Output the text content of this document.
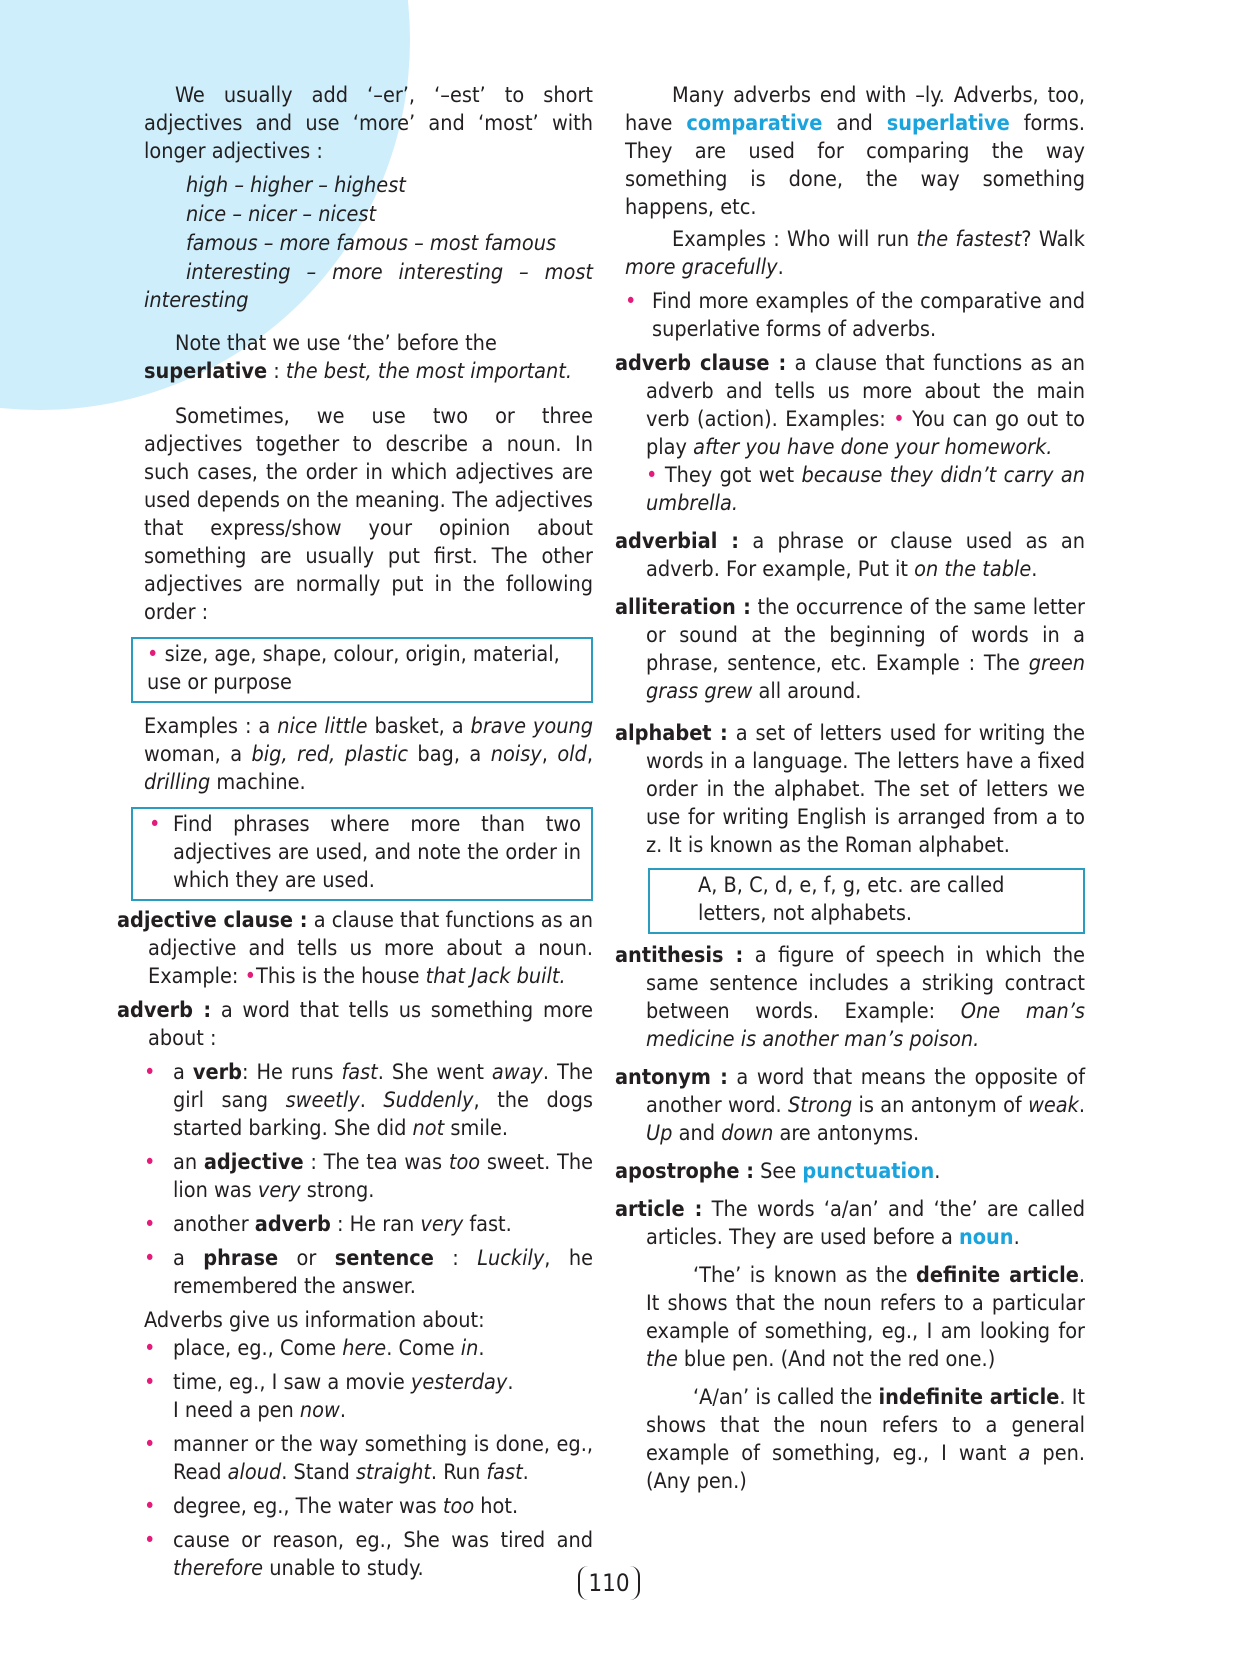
We usually add ‘–er’, ‘–est’ to short adjectives and use ‘more’ and ‘most’ with longer adjectives :

high – higher – highest

nice – nicer – nicest

famous – more famous – most famous

interesting – more interesting – most interesting

Note that we use ‘the’ before the
superlative : the best, the most important.

Sometimes, we use two or three adjectives together to describe a noun. In such cases, the order in which adjectives are used depends on the meaning. The adjectives that express/show your opinion about something are usually put first. The other adjectives are normally put in the following order :

• size, age, shape, colour, origin, material, use or purpose

Examples : a nice little basket, a brave young woman, a big, red, plastic bag, a noisy, old, drilling machine.

• Find phrases where more than two adjectives are used, and note the order in which they are used.

adjective clause : a clause that functions as an adjective and tells us more about a noun. Example: •This is the house that Jack built.

adverb : a word that tells us something more about :

• a verb: He runs fast. She went away. The girl sang sweetly. Suddenly, the dogs started barking. She did not smile.
• an adjective : The tea was too sweet. The lion was very strong.
• another adverb : He ran very fast.
• a phrase or sentence : Luckily, he remembered the answer.

Adverbs give us information about:

• place, eg., Come here. Come in.
• time, eg., I saw a movie yesterday.
I need a pen now.
• manner or the way something is done, eg., Read aloud. Stand straight. Run fast.
• degree, eg., The water was too hot.
• cause or reason, eg., She was tired and therefore unable to study.

Many adverbs end with –ly. Adverbs, too, have comparative and superlative forms. They are used for comparing the way something is done, the way something happens, etc.

Examples : Who will run the fastest? Walk more gracefully.

• Find more examples of the comparative and superlative forms of adverbs.

adverb clause : a clause that functions as an adverb and tells us more about the main verb (action). Examples: • You can go out to play after you have done your homework.
• They got wet because they didn’t carry an umbrella.

adverbial : a phrase or clause used as an adverb. For example, Put it on the table.

alliteration : the occurrence of the same letter or sound at the beginning of words in a phrase, sentence, etc. Example : The green grass grew all around.

alphabet : a set of letters used for writing the words in a language. The letters have a fixed order in the alphabet. The set of letters we use for writing English is arranged from a to z. It is known as the Roman alphabet.

A, B, C, d, e, f, g, etc. are called letters, not alphabets.

antithesis : a figure of speech in which the same sentence includes a striking contract between words. Example: One man’s medicine is another man’s poison.

antonym : a word that means the opposite of another word. Strong is an antonym of weak. Up and down are antonyms.

apostrophe : See punctuation.

article : The words ‘a/an’ and ‘the’ are called articles. They are used before a noun.

‘The’ is known as the definite article. It shows that the noun refers to a particular example of something, eg., I am looking for the blue pen. (And not the red one.)

‘A/an’ is called the indefinite article. It shows that the noun refers to a general example of something, eg., I want a pen. (Any pen.)

110
